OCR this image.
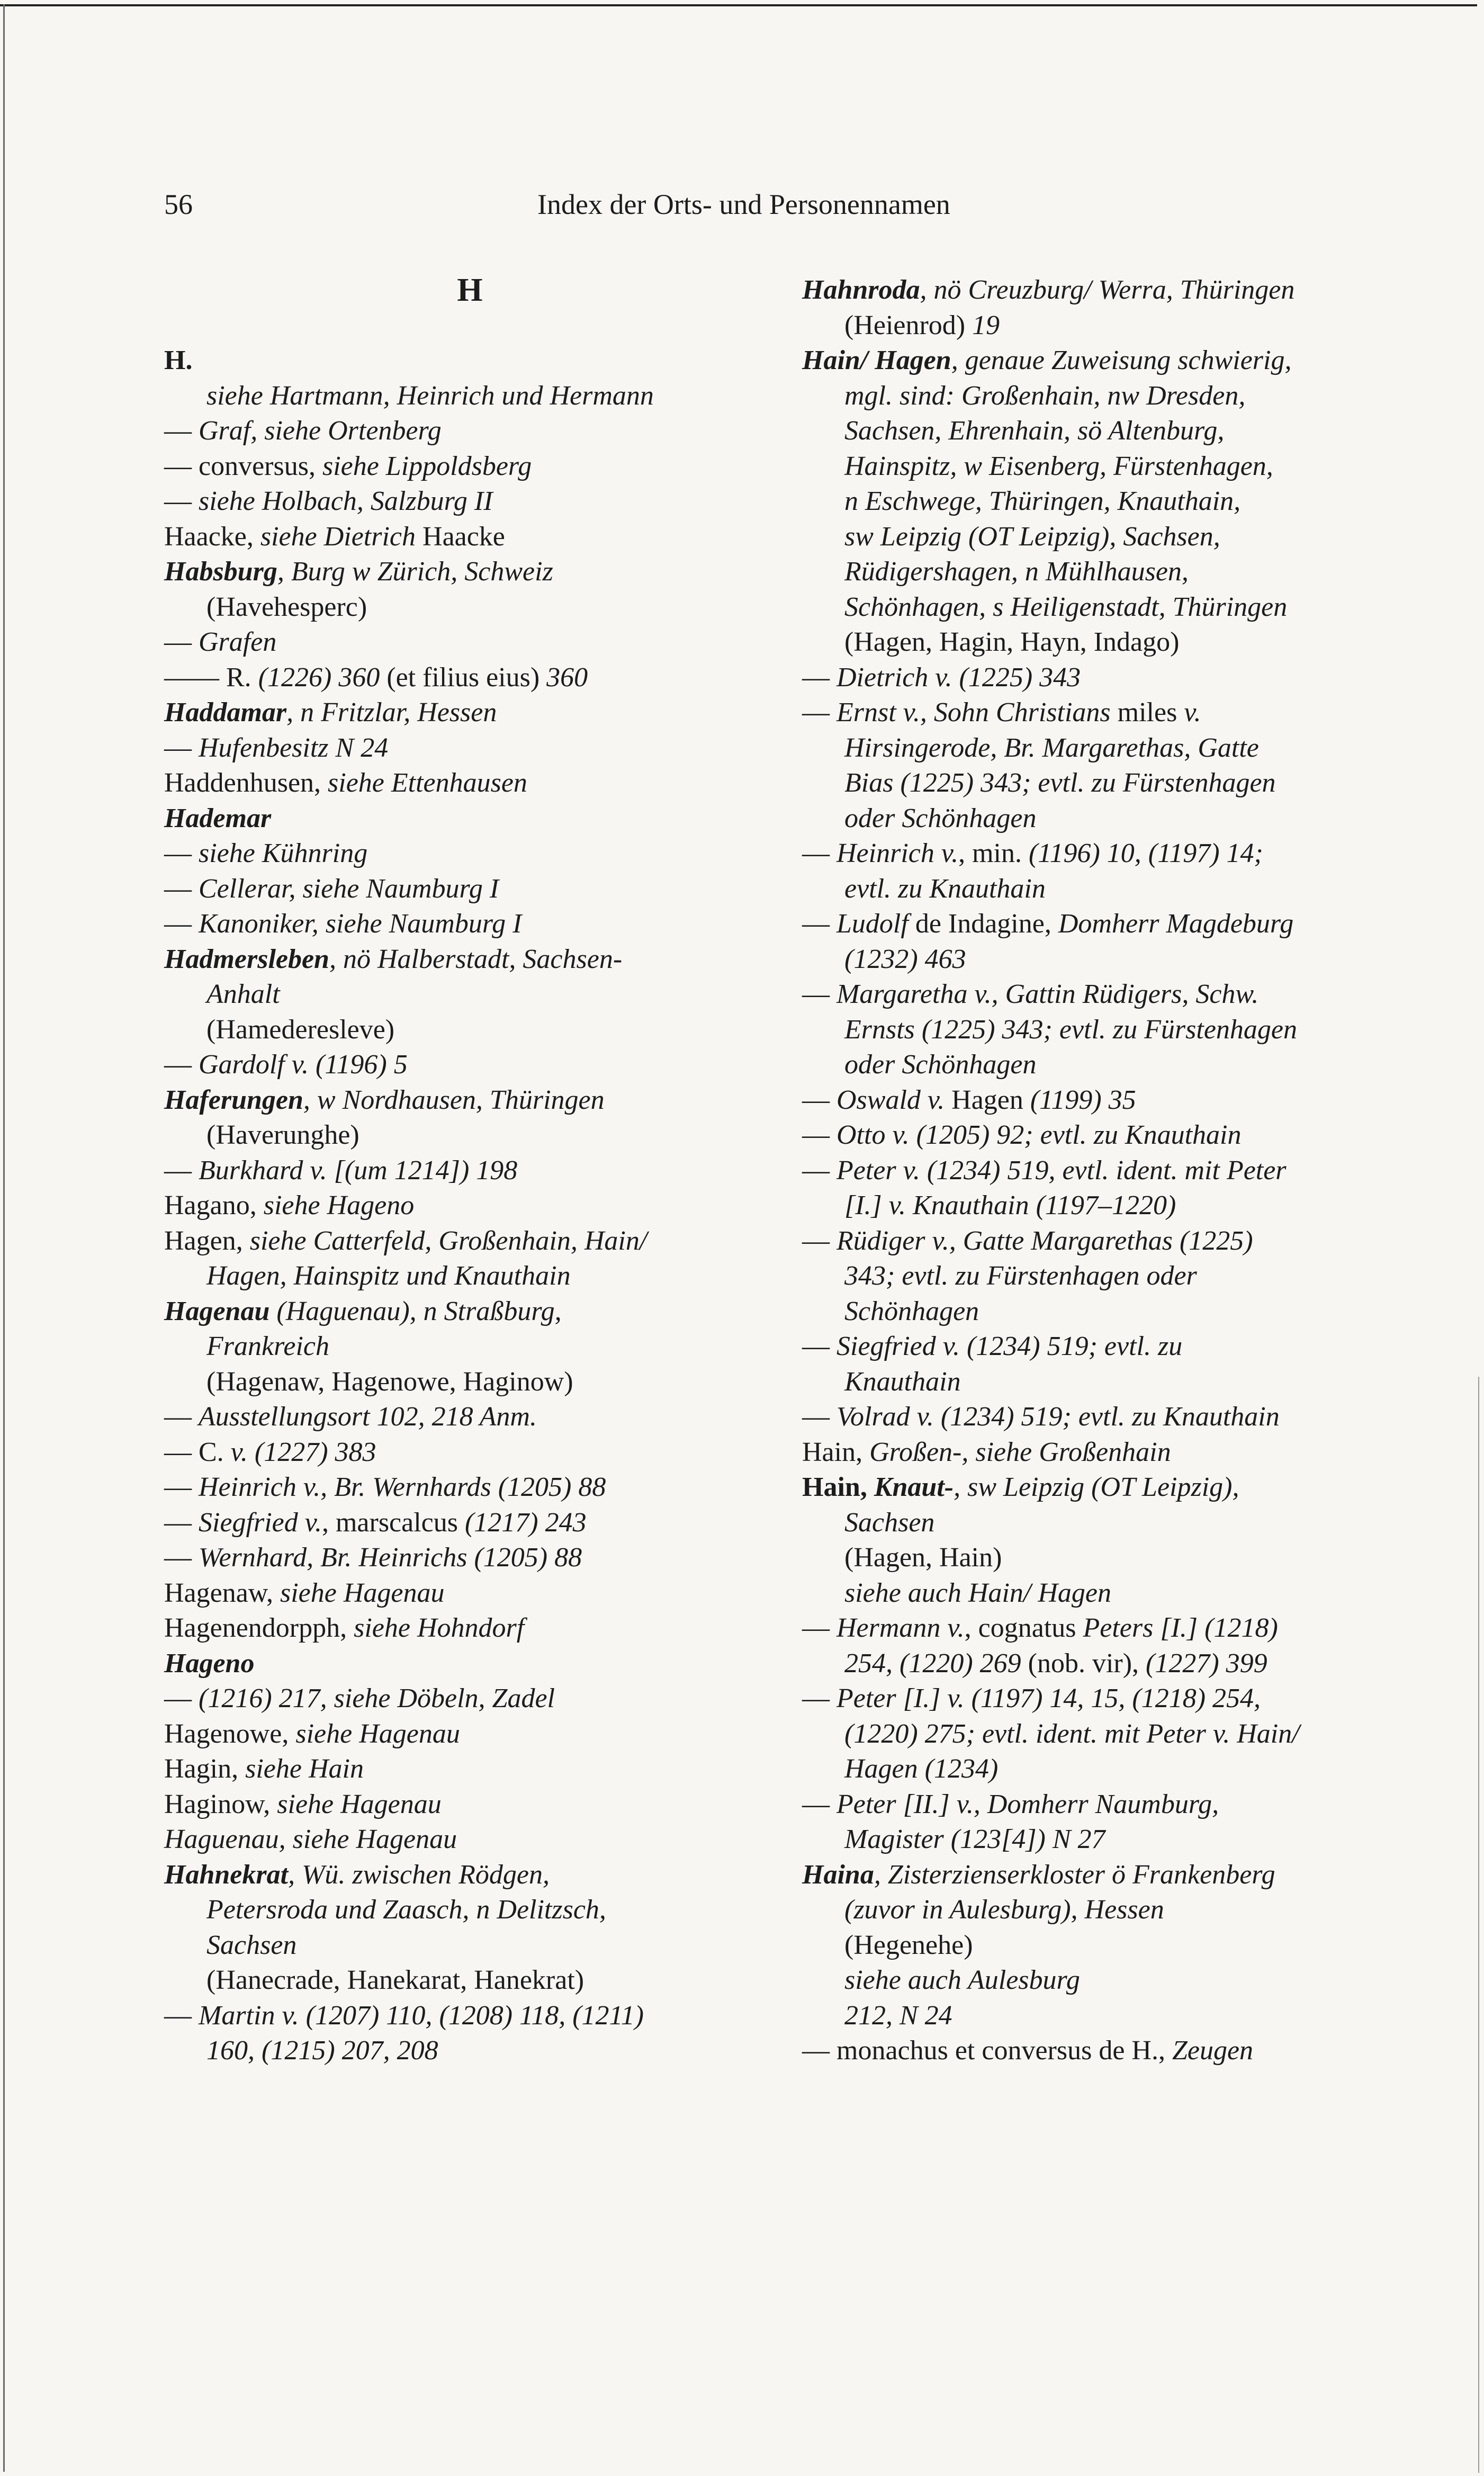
56	Index der Orts- und Personennamen
H
H.
siehe Hartmann, Heinrich und Hermann
— Graf, siehe Ortenberg
— conversus, siehe Lippoldsberg
— siehe Holbach, Salzburg II
Haacke, siehe Dietrich Haacke
Habsburg, Burg w Zürich, Schweiz
(Havehesperc)
— Grafen
—— R. (1226) 360 (et filius eius) 360
Haddamar, n Fritzlar, Hessen
— Hufenbesitz N 24
Haddenhusen, siehe Ettenhausen
Hademar
— siehe Kühnring
— Cellerar, siehe Naumburg I
— Kanoniker, siehe Naumburg I
Hadmersleben, nö Halberstadt, Sachsen-
Anhalt
(Hamederesleve)
— Gardolf v. (1196) 5
Haferungen, w Nordhausen, Thüringen
(Haverunghe)
— Burkhard v. [(um 1214]) 198
Hagano, siehe Hageno
Hagen, siehe Catterfeld, Großenhain, Hain/
Hagen, Hainspitz und Knauthain
Hagenau (Haguenau), n Straßburg,
Frankreich
(Hagenaw, Hagenowe, Haginow)
— Ausstellungsort 102, 218 Anm.
— C. v. (1227) 383
— Heinrich v., Br. Wernhards (1205) 88
— Siegfried v., marscalcus (1217) 243
— Wernhard, Br. Heinrichs (1205) 88
Hagenaw, siehe Hagenau
Hagenendorpph, siehe Hohndorf
Hageno
— (1216) 217, siehe Döbeln, Zadel
Hagenowe, siehe Hagenau
Hagin, siehe Hain
Haginow, siehe Hagenau
Haguenau, siehe Hagenau
Hahnekrat, Wü. zwischen Rödgen,
Petersroda und Zaasch, n Delitzsch,
Sachsen
(Hanecrade, Hanekarat, Hanekrat)
— Martin v. (1207) 110, (1208) 118, (1211)
160, (1215) 207, 208
Hahnroda, nö Creuzburg/ Werra, Thüringen
(Heienrod) 19
Hain/ Hagen, genaue Zuweisung schwierig,
mgl. sind: Großenhain, nw Dresden,
Sachsen, Ehrenhain, sö Altenburg,
Hainspitz, w Eisenberg, Fürstenhagen,
n Eschwege, Thüringen, Knauthain,
sw Leipzig (OT Leipzig), Sachsen,
Rüdigershagen, n Mühlhausen,
Schönhagen, s Heiligenstadt, Thüringen
(Hagen, Hagin, Hayn, Indago)
— Dietrich v. (1225) 343
— Ernst v., Sohn Christians miles v.
Hirsingerode, Br. Margarethas, Gatte
Bias (1225) 343; evtl. zu Fürstenhagen
oder Schönhagen
— Heinrich v., min. (1196) 10, (1197) 14;
evtl. zu Knauthain
— Ludolf de Indagine, Domherr Magdeburg
(1232) 463
— Margaretha v., Gattin Rüdigers, Schw.
Ernsts (1225) 343; evtl. zu Fürstenhagen
oder Schönhagen
— Oswald v. Hagen (1199) 35
— Otto v. (1205) 92; evtl. zu Knauthain
— Peter v. (1234) 519, evtl. ident. mit Peter
[I.] v. Knauthain (1197–1220)
— Rüdiger v., Gatte Margarethas (1225)
343; evtl. zu Fürstenhagen oder
Schönhagen
— Siegfried v. (1234) 519; evtl. zu
Knauthain
— Volrad v. (1234) 519; evtl. zu Knauthain
Hain, Großen-, siehe Großenhain
Hain, Knaut-, sw Leipzig (OT Leipzig),
Sachsen
(Hagen, Hain)
siehe auch Hain/ Hagen
— Hermann v., cognatus Peters [I.] (1218)
254, (1220) 269 (nob. vir), (1227) 399
— Peter [I.] v. (1197) 14, 15, (1218) 254,
(1220) 275; evtl. ident. mit Peter v. Hain/
Hagen (1234)
— Peter [II.] v., Domherr Naumburg,
Magister (123[4]) N 27
Haina, Zisterzienserkloster ö Frankenberg
(zuvor in Aulesburg), Hessen
(Hegenehe)
siehe auch Aulesburg
212, N 24
— monachus et conversus de H., Zeugen
